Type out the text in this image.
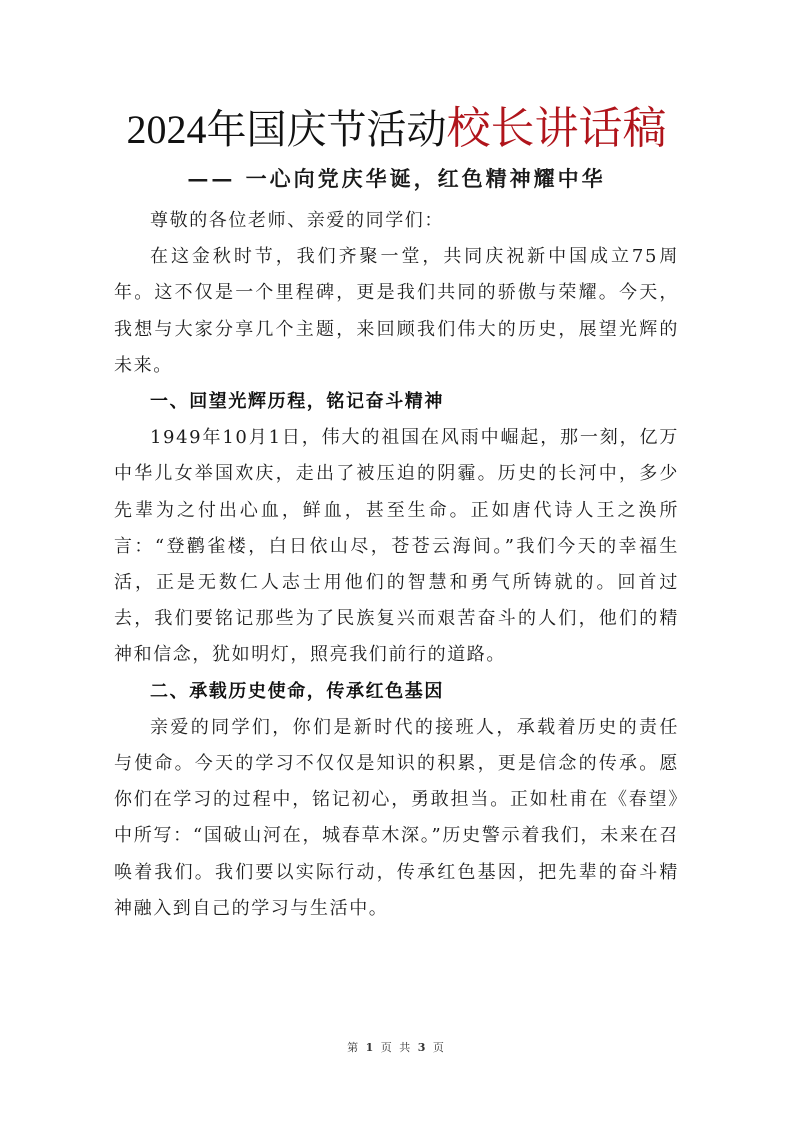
2024年国庆节活动校长讲话稿
—— 一心向党庆华诞，红色精神耀中华

尊敬的各位老师、亲爱的同学们：

在这金秋时节，我们齐聚一堂，共同庆祝新中国成立75周年。这不仅是一个里程碑，更是我们共同的骄傲与荣耀。今天，我想与大家分享几个主题，来回顾我们伟大的历史，展望光辉的未来。

一、回望光辉历程，铭记奋斗精神

1949年10月1日，伟大的祖国在风雨中崛起，那一刻，亿万中华儿女举国欢庆，走出了被压迫的阴霾。历史的长河中，多少先辈为之付出心血，鲜血，甚至生命。正如唐代诗人王之涣所言：“登鹳雀楼，白日依山尽，苍苍云海间。”我们今天的幸福生活，正是无数仁人志士用他们的智慧和勇气所铸就的。回首过去，我们要铭记那些为了民族复兴而艰苦奋斗的人们，他们的精神和信念，犹如明灯，照亮我们前行的道路。

二、承载历史使命，传承红色基因

亲爱的同学们，你们是新时代的接班人，承载着历史的责任与使命。今天的学习不仅仅是知识的积累，更是信念的传承。愿你们在学习的过程中，铭记初心，勇敢担当。正如杜甫在《春望》中所写：“国破山河在，城春草木深。”历史警示着我们，未来在召唤着我们。我们要以实际行动，传承红色基因，把先辈的奋斗精神融入到自己的学习与生活中。

第 1 页 共 3 页
